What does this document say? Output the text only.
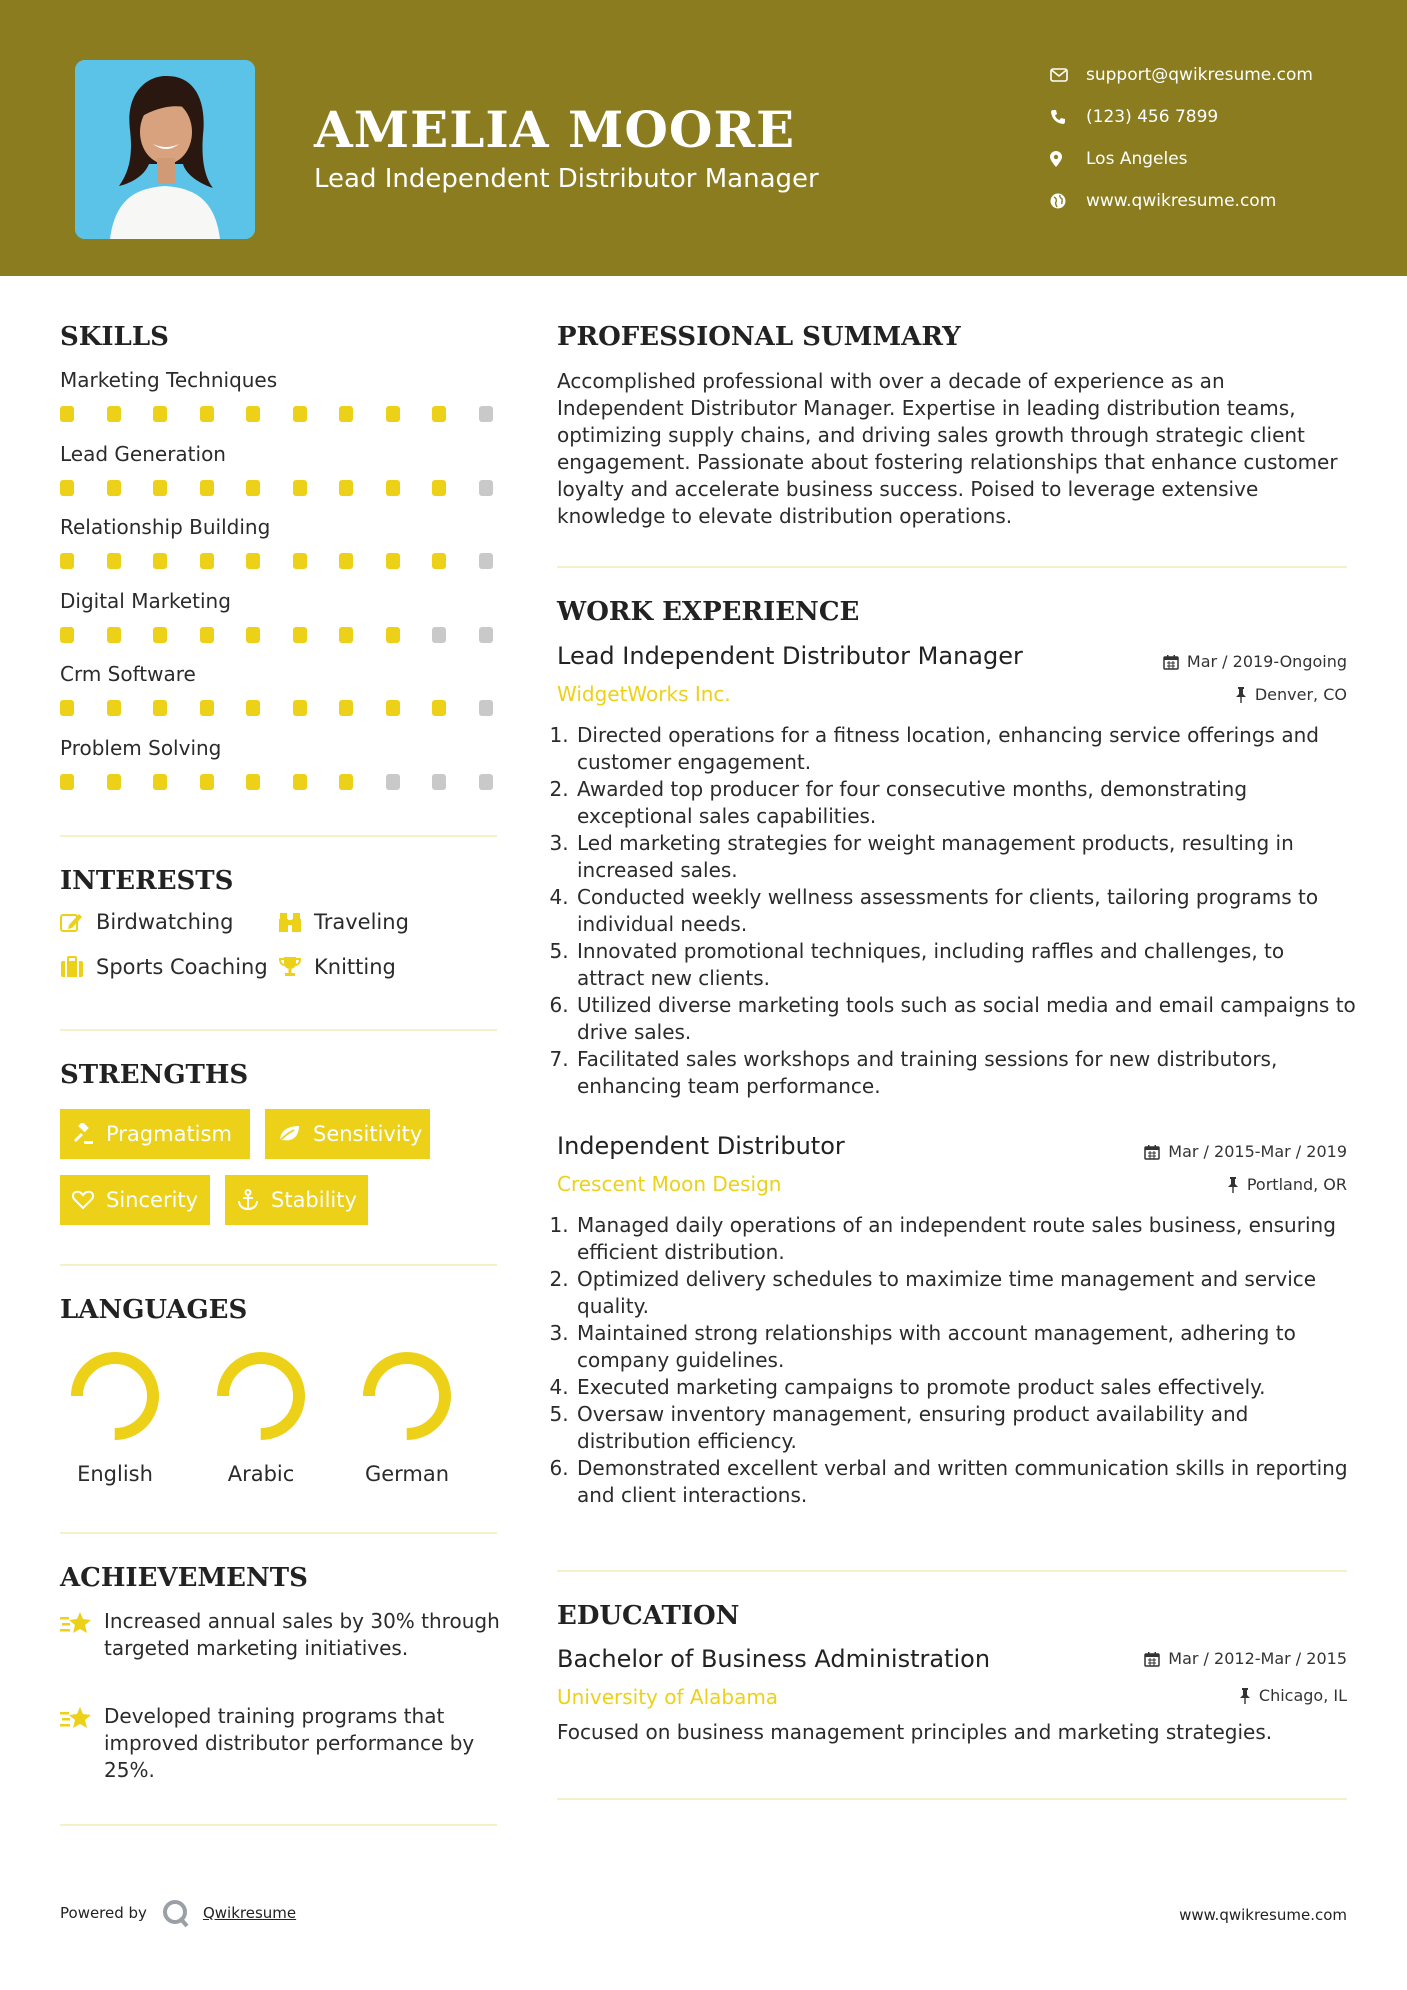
AMELIA MOORE
Lead Independent Distributor Manager
support@qwikresume.com
(123) 456 7899
Los Angeles
www.qwikresume.com
SKILLS
Marketing Techniques
Lead Generation
Relationship Building
Digital Marketing
Crm Software
Problem Solving
INTERESTS
Birdwatching	Traveling
Sports Coaching Knitting
STRENGTHS
Pragmatism	Sensitivity
Sincerity	Stability
LANGUAGES
English	Arabic	German
ACHIEVEMENTS
Increased annual sales by 30% through targeted marketing initiatives.
Developed training programs that improved distributor performance by 25%.
PROFESSIONAL SUMMARY
Accomplished professional with over a decade of experience as an Independent Distributor Manager. Expertise in leading distribution teams, optimizing supply chains, and driving sales growth through strategic client engagement. Passionate about fostering relationships that enhance customer loyalty and accelerate business success. Poised to leverage extensive knowledge to elevate distribution operations.
WORK EXPERIENCE
Lead Independent Distributor Manager	Mar / 2019-Ongoing
WidgetWorks Inc.	Denver, CO
1. Directed operations for a fitness location, enhancing service offerings and customer engagement.
2. Awarded top producer for four consecutive months, demonstrating exceptional sales capabilities.
3. Led marketing strategies for weight management products, resulting in increased sales.
4. Conducted weekly wellness assessments for clients, tailoring programs to individual needs.
5. Innovated promotional techniques, including raffles and challenges, to attract new clients.
6. Utilized diverse marketing tools such as social media and email campaigns to drive sales.
7. Facilitated sales workshops and training sessions for new distributors, enhancing team performance.
Independent Distributor	Mar / 2015-Mar / 2019
Crescent Moon Design	Portland, OR
1. Managed daily operations of an independent route sales business, ensuring efficient distribution.
2. Optimized delivery schedules to maximize time management and service quality.
3. Maintained strong relationships with account management, adhering to company guidelines.
4. Executed marketing campaigns to promote product sales effectively.
5. Oversaw inventory management, ensuring product availability and distribution efficiency.
6. Demonstrated excellent verbal and written communication skills in reporting and client interactions.
EDUCATION
Bachelor of Business Administration	Mar / 2012-Mar / 2015
University of Alabama	Chicago, IL
Focused on business management principles and marketing strategies.
Powered by	Qwikresume	www.qwikresume.com
